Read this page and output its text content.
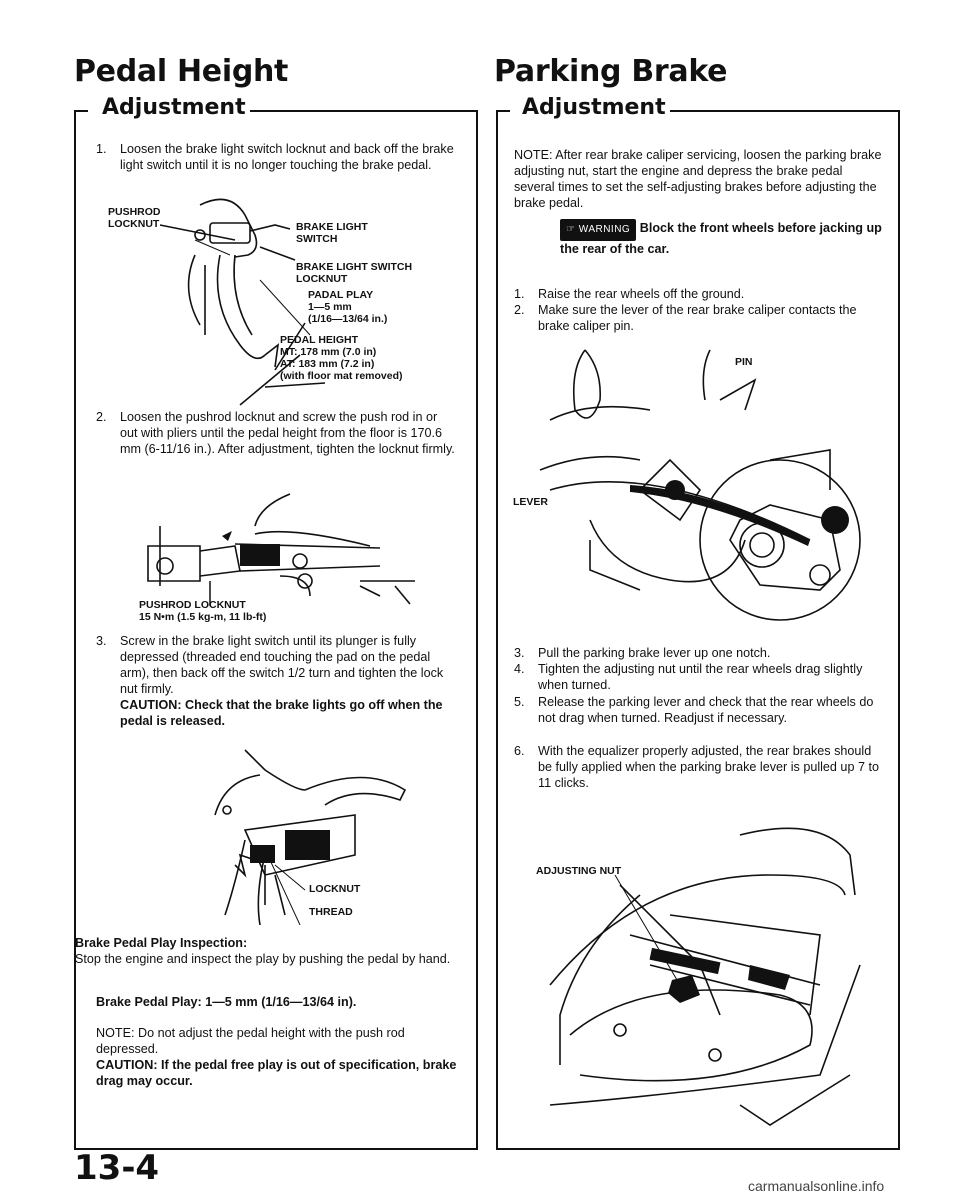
Pedal Height
Adjustment
1. Loosen the brake light switch locknut and back off the brake light switch until it is no longer touching the brake pedal.
PUSHROD
LOCKNUT	BRAKE LIGHT
SWITCH
BRAKE LIGHT SWITCH
LOCKNUT
PADAL PLAY
1—5 mm
(1/16—13/64 in.)
PEDAL HEIGHT
MT: 178 mm (7.0 in)
AT: 183 mm (7.2 in)
(with floor mat removed)
2. Loosen the pushrod locknut and screw the push rod in or out with pliers until the pedal height from the floor is 170.6 mm (6-11/16 in.). After adjustment, tighten the locknut firmly.
PUSHROD LOCKNUT
15 N•m (1.5 kg-m, 11 lb-ft)
3. Screw in the brake light switch until its plunger is fully depressed (threaded end touching the pad on the pedal arm), then back off the switch 1/2 turn and tighten the lock nut firmly.
CAUTION: Check that the brake lights go off when the pedal is released.
LOCKNUT
THREAD
Brake Pedal Play Inspection:
Stop the engine and inspect the play by pushing the pedal by hand.
Brake Pedal Play: 1—5 mm (1/16—13/64 in).
NOTE: Do not adjust the pedal height with the push rod depressed.
CAUTION: If the pedal free play is out of specification, brake drag may occur.
Parking Brake
Adjustment
NOTE: After rear brake caliper servicing, loosen the parking brake adjusting nut, start the engine and depress the brake pedal several times to set the self-adjusting brakes before adjusting the brake pedal.
☞ WARNING Block the front wheels before jacking up the rear of the car.
1. Raise the rear wheels off the ground.
2. Make sure the lever of the rear brake caliper contacts the brake caliper pin.
PIN
LEVER
3. Pull the parking brake lever up one notch.
4. Tighten the adjusting nut until the rear wheels drag slightly when turned.
5. Release the parking lever and check that the rear wheels do not drag when turned. Readjust if necessary.
6. With the equalizer properly adjusted, the rear brakes should be fully applied when the parking brake lever is pulled up 7 to 11 clicks.
ADJUSTING NUT
13-4	carmanualsonline.info
